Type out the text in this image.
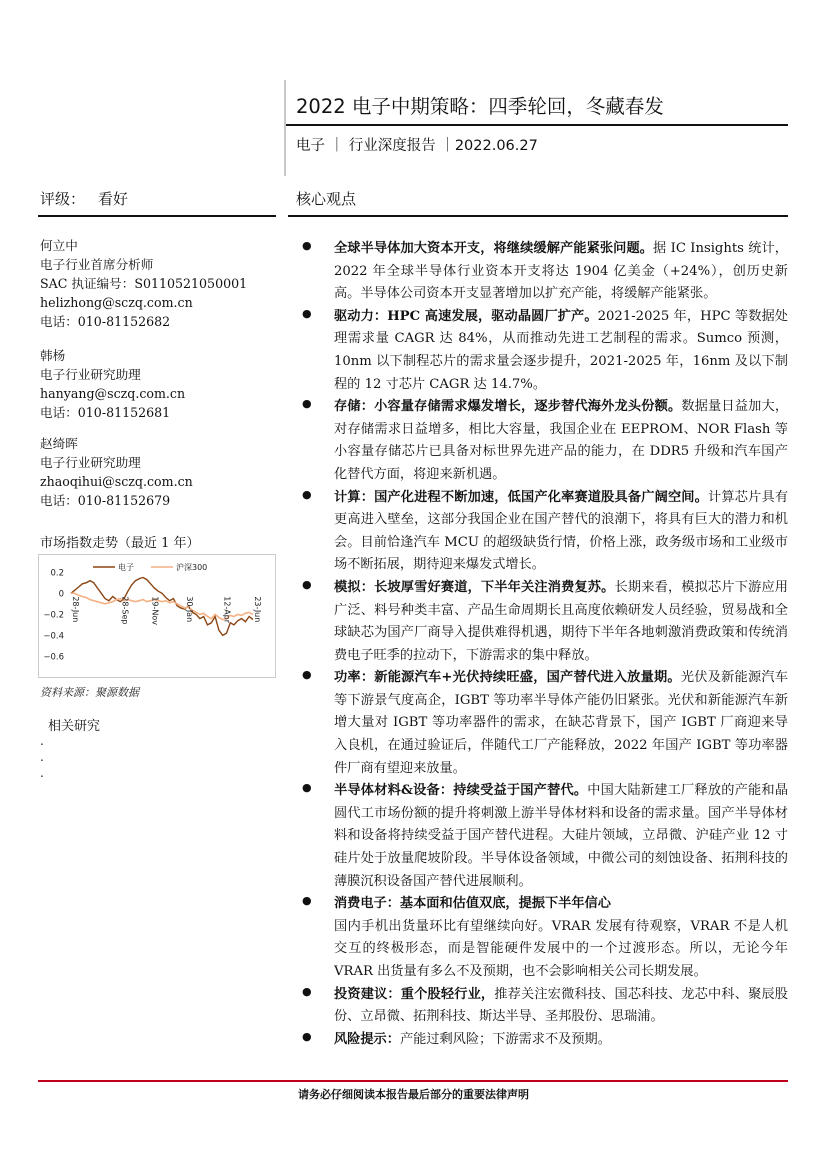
2022 电子中期策略：四季轮回，冬藏春发
电子 ｜ 行业深度报告 ｜2022.06.27
评级： 看好	核心观点
何立中
电子行业首席分析师
SAC 执证编号：S0110521050001
helizhong@sczq.com.cn
电话：010-81152682
韩杨
电子行业研究助理
hanyang@sczq.com.cn
电话：010-81152681
赵绮晖
电子行业研究助理
zhaoqihui@sczq.com.cn
电话：010-81152679
市场指数走势（最近 1 年）
0.2
0
−0.2
−0.4
−0.6
28-Jun	28-Sep	19-Nov	30-Jan	12-Apr	23-Jun
电子	沪深300
资料来源：聚源数据
相关研究
.
.
.
● 全球半导体加大资本开支，将继续缓解产能紧张问题。据 IC Insights 统计，2022 年全球半导体行业资本开支将达 1904 亿美金（+24%），创历史新高。半导体公司资本开支显著增加以扩充产能，将缓解产能紧张。
● 驱动力：HPC 高速发展，驱动晶圆厂扩产。2021-2025 年，HPC 等数据处理需求量 CAGR 达 84%，从而推动先进工艺制程的需求。Sumco 预测，10nm 以下制程芯片的需求量会逐步提升，2021-2025 年，16nm 及以下制程的 12 寸芯片 CAGR 达 14.7%。
● 存储：小容量存储需求爆发增长，逐步替代海外龙头份额。数据量日益加大，对存储需求日益增多，相比大容量，我国企业在 EEPROM、NOR Flash 等小容量存储芯片已具备对标世界先进产品的能力，在 DDR5 升级和汽车国产化替代方面，将迎来新机遇。
● 计算：国产化进程不断加速，低国产化率赛道股具备广阔空间。计算芯片具有更高进入壁垒，这部分我国企业在国产替代的浪潮下，将具有巨大的潜力和机会。目前恰逢汽车 MCU 的超级缺货行情，价格上涨，政务级市场和工业级市场不断拓展，期待迎来爆发式增长。
● 模拟：长坡厚雪好赛道，下半年关注消费复苏。长期来看，模拟芯片下游应用广泛、料号种类丰富、产品生命周期长且高度依赖研发人员经验，贸易战和全球缺芯为国产厂商导入提供难得机遇，期待下半年各地刺激消费政策和传统消费电子旺季的拉动下，下游需求的集中释放。
● 功率：新能源汽车+光伏持续旺盛，国产替代进入放量期。光伏及新能源汽车等下游景气度高企，IGBT 等功率半导体产能仍旧紧张。光伏和新能源汽车新增大量对 IGBT 等功率器件的需求，在缺芯背景下，国产 IGBT 厂商迎来导入良机，在通过验证后，伴随代工厂产能释放，2022 年国产 IGBT 等功率器件厂商有望迎来放量。
● 半导体材料&设备：持续受益于国产替代。中国大陆新建工厂释放的产能和晶圆代工市场份额的提升将刺激上游半导体材料和设备的需求量。国产半导体材料和设备将持续受益于国产替代进程。大硅片领域，立昂微、沪硅产业 12 寸硅片处于放量爬坡阶段。半导体设备领域，中微公司的刻蚀设备、拓荆科技的薄膜沉积设备国产替代进展顺利。
● 消费电子：基本面和估值双底，提振下半年信心
国内手机出货量环比有望继续向好。VRAR 发展有待观察，VRAR 不是人机交互的终极形态，而是智能硬件发展中的一个过渡形态。所以，无论今年 VRAR 出货量有多么不及预期，也不会影响相关公司长期发展。
● 投资建议：重个股轻行业，推荐关注宏微科技、国芯科技、龙芯中科、聚辰股份、立昂微、拓荆科技、斯达半导、圣邦股份、思瑞浦。
● 风险提示：产能过剩风险；下游需求不及预期。
请务必仔细阅读本报告最后部分的重要法律声明
